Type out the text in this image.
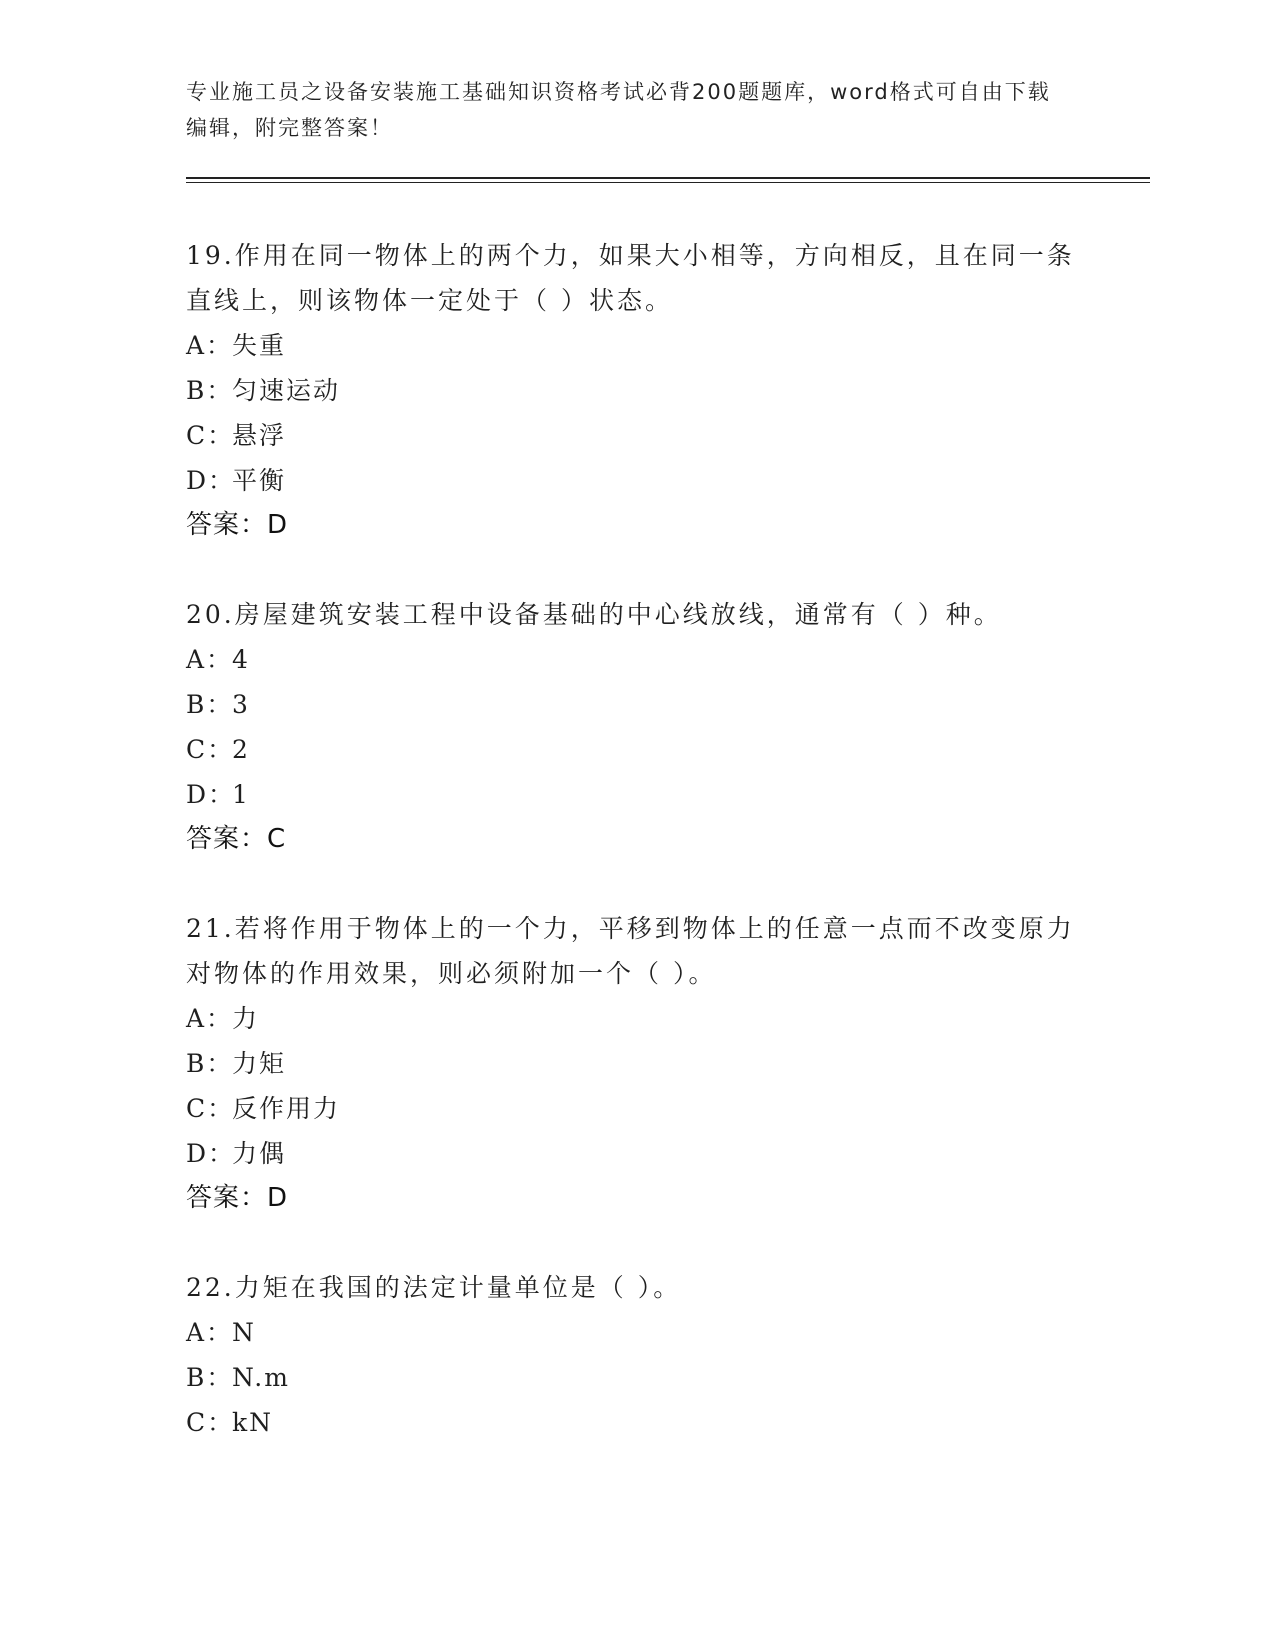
专业施工员之设备安装施工基础知识资格考试必背200题题库，word格式可自由下载编辑，附完整答案！

19.作用在同一物体上的两个力，如果大小相等，方向相反，且在同一条直线上，则该物体一定处于（ ）状态。

A：失重

B：匀速运动

C：悬浮

D：平衡

答案：D

20.房屋建筑安装工程中设备基础的中心线放线，通常有（ ）种。

A：4

B：3

C：2

D：1

答案：C

21.若将作用于物体上的一个力，平移到物体上的任意一点而不改变原力对物体的作用效果，则必须附加一个（ ）。

A：力

B：力矩

C：反作用力

D：力偶

答案：D

22.力矩在我国的法定计量单位是（ ）。

A：N

B：N.m

C：kN
